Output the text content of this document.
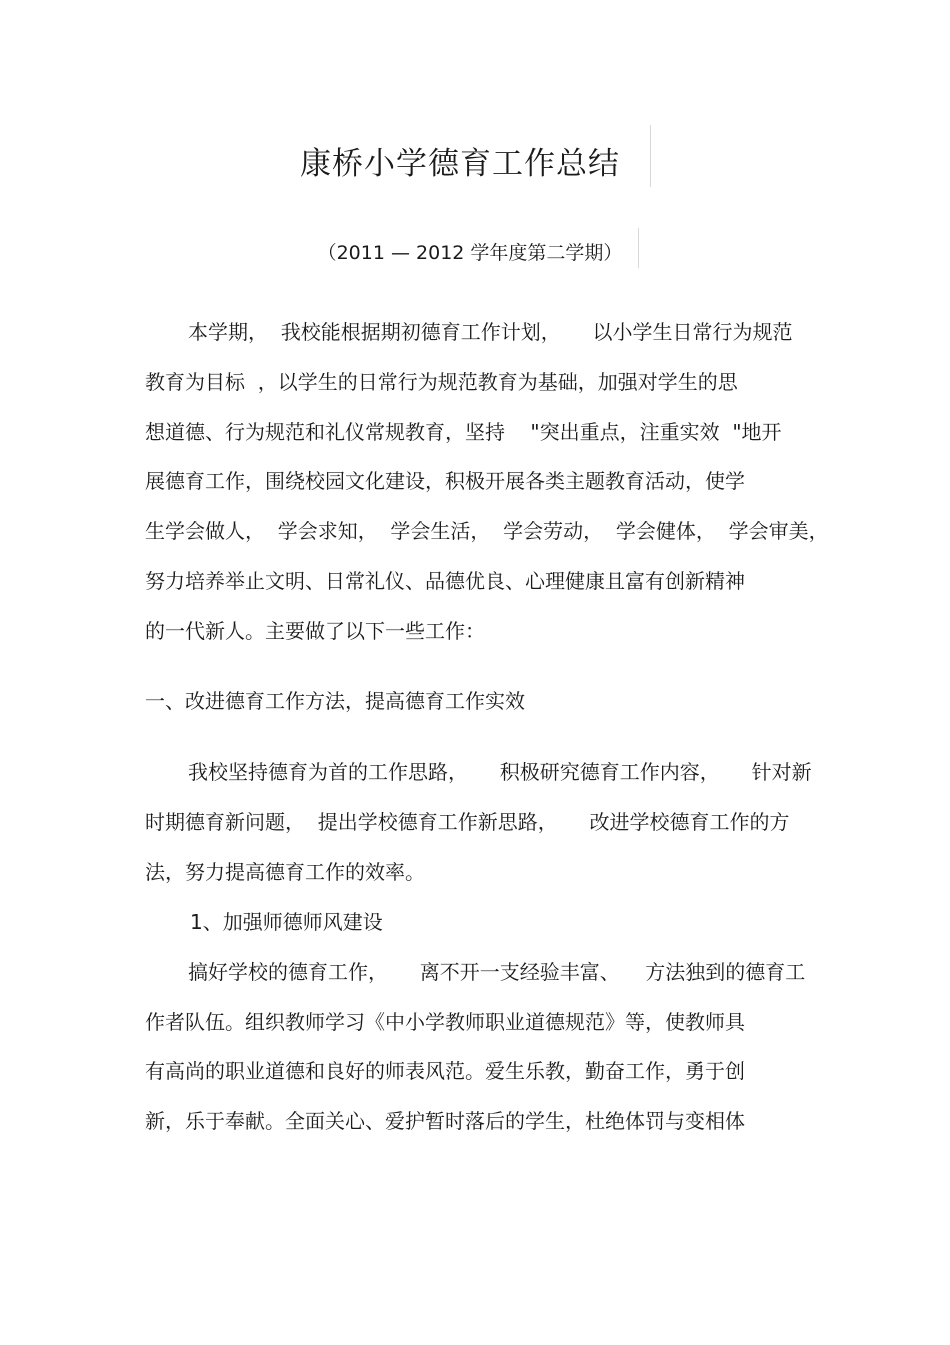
康桥小学德育工作总结
（2011 — 2012 学年度第二学期）
本学期，  我校能根据期初德育工作计划，     以小学生日常行为规范
教育为目标  ，以学生的日常行为规范教育为基础，加强对学生的思
想道德、行为规范和礼仪常规教育，坚持    "突出重点，注重实效  "地开
展德育工作，围绕校园文化建设，积极开展各类主题教育活动，使学
生学会做人，  学会求知，  学会生活，  学会劳动，  学会健体，  学会审美，
努力培养举止文明、日常礼仪、品德优良、心理健康且富有创新精神
的一代新人。主要做了以下一些工作：
一、改进德育工作方法，提高德育工作实效
我校坚持德育为首的工作思路，     积极研究德育工作内容，     针对新
时期德育新问题，  提出学校德育工作新思路，     改进学校德育工作的方
法，努力提高德育工作的效率。
1、加强师德师风建设
搞好学校的德育工作，     离不开一支经验丰富、    方法独到的德育工
作者队伍。组织教师学习《中小学教师职业道德规范》等，使教师具
有高尚的职业道德和良好的师表风范。爱生乐教，勤奋工作，勇于创
新，乐于奉献。全面关心、爱护暂时落后的学生，杜绝体罚与变相体
